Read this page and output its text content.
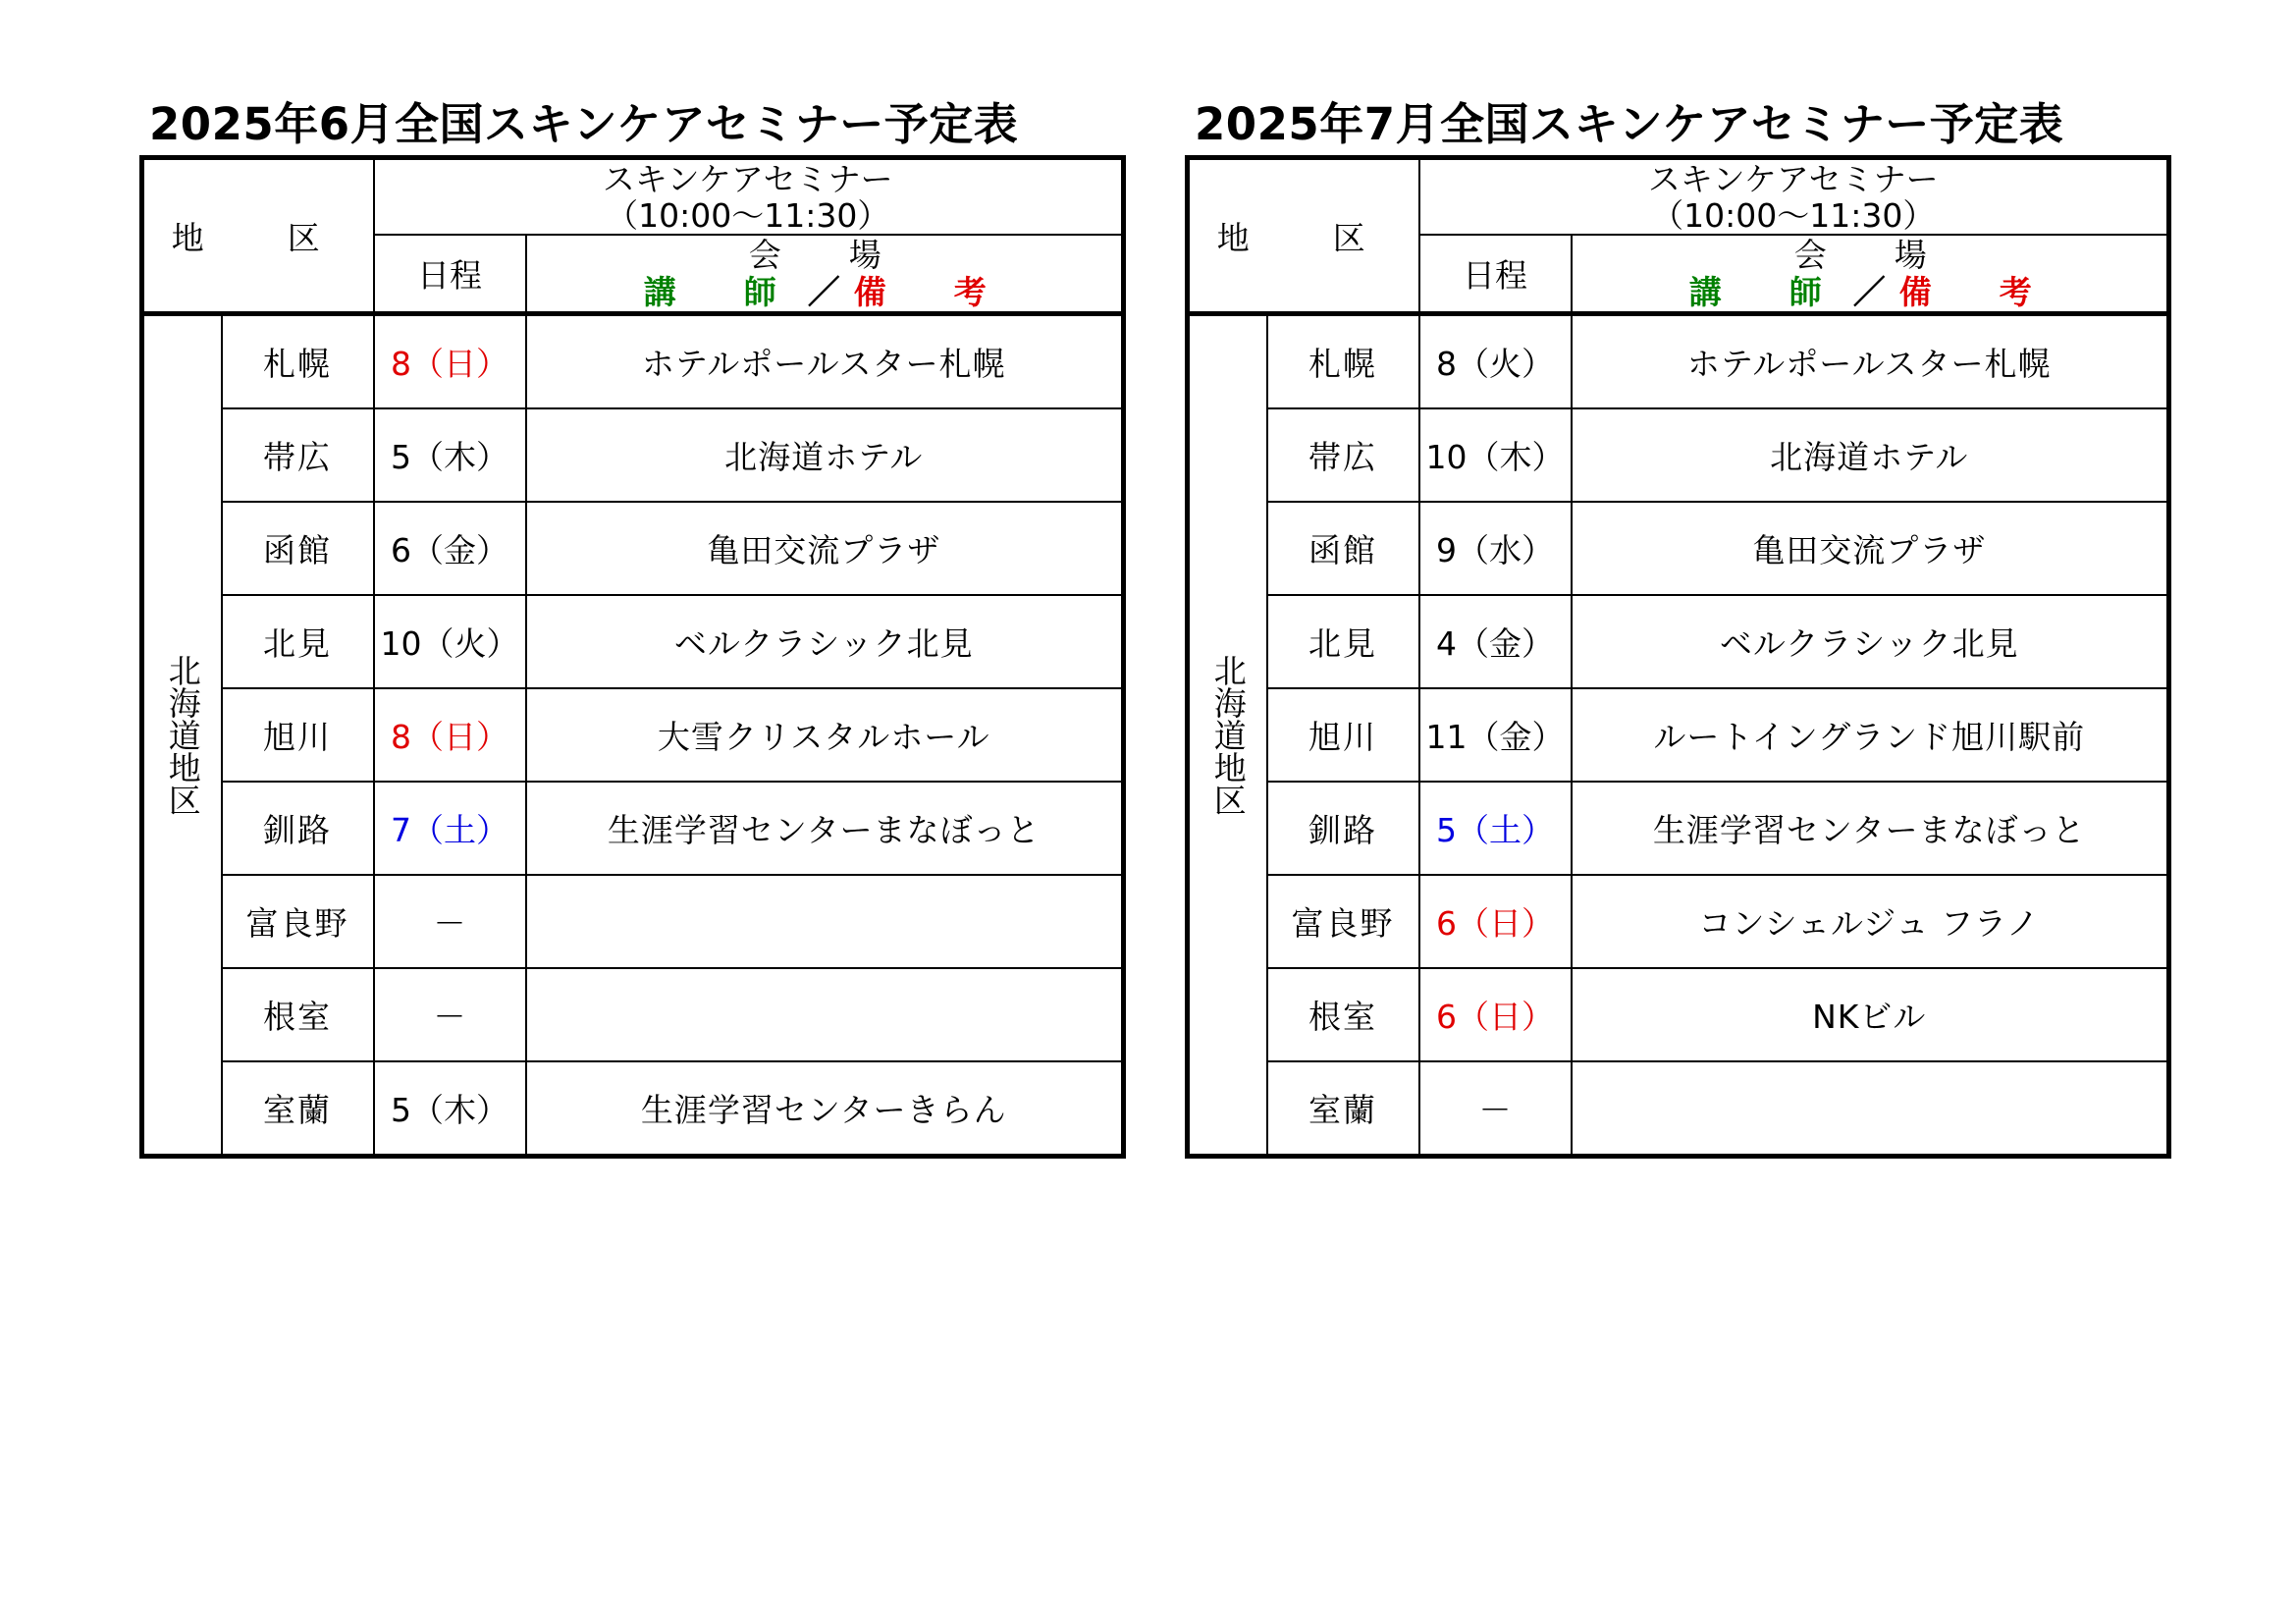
2025年6月全国スキンケアセミナー予定表
地　区		スキンケアセミナー
（10:00～11:30）	

		日程	会　場
講　師 ／ 備　考
北海道地区	札幌	8（日）	ホテルポールスター札幌
	帯広	5（木）	北海道ホテル
	函館	6（金）	亀田交流プラザ
	北見	10（火）	ベルクラシック北見
	旭川	8（日）	大雪クリスタルホール
	釧路	7（土）	生涯学習センターまなぼっと
	富良野	－	
	根室	－	
	室蘭	5（木）	生涯学習センターきらん
2025年7月全国スキンケアセミナー予定表
地　区		スキンケアセミナー
（10:00～11:30）	

		日程	会　場
講　師 ／ 備　考
北海道地区	札幌	8（火）	ホテルポールスター札幌
	帯広	10（木）	北海道ホテル
	函館	9（水）	亀田交流プラザ
	北見	4（金）	ベルクラシック北見
	旭川	11（金）	ルートイングランド旭川駅前
	釧路	5（土）	生涯学習センターまなぼっと
	富良野	6（日）	コンシェルジュ フラノ
	根室	6（日）	NKビル
	室蘭	－	
